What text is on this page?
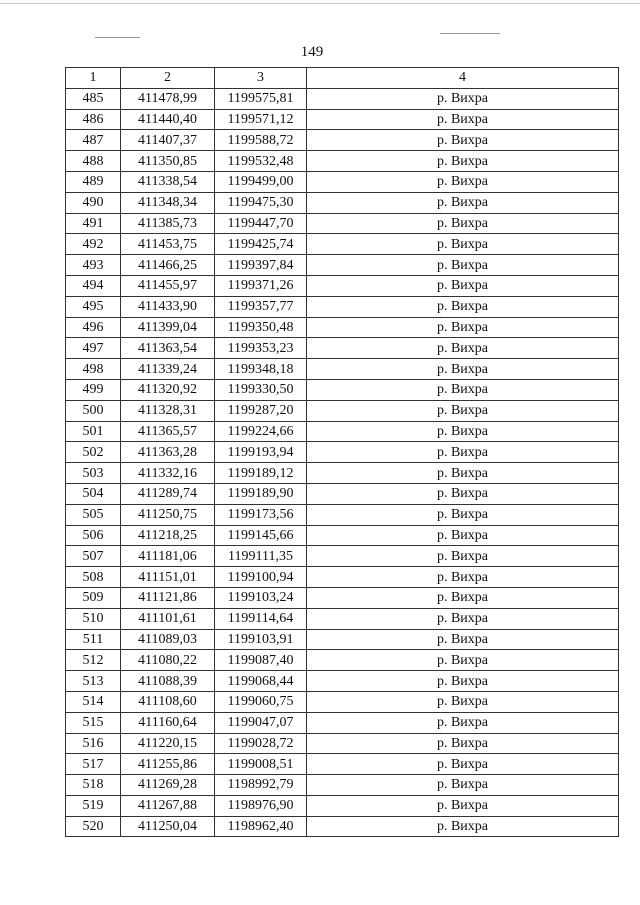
149
1	2	3	4
485	411478,99	1199575,81	р. Вихра
486	411440,40	1199571,12	р. Вихра
487	411407,37	1199588,72	р. Вихра
488	411350,85	1199532,48	р. Вихра
489	411338,54	1199499,00	р. Вихра
490	411348,34	1199475,30	р. Вихра
491	411385,73	1199447,70	р. Вихра
492	411453,75	1199425,74	р. Вихра
493	411466,25	1199397,84	р. Вихра
494	411455,97	1199371,26	р. Вихра
495	411433,90	1199357,77	р. Вихра
496	411399,04	1199350,48	р. Вихра
497	411363,54	1199353,23	р. Вихра
498	411339,24	1199348,18	р. Вихра
499	411320,92	1199330,50	р. Вихра
500	411328,31	1199287,20	р. Вихра
501	411365,57	1199224,66	р. Вихра
502	411363,28	1199193,94	р. Вихра
503	411332,16	1199189,12	р. Вихра
504	411289,74	1199189,90	р. Вихра
505	411250,75	1199173,56	р. Вихра
506	411218,25	1199145,66	р. Вихра
507	411181,06	1199111,35	р. Вихра
508	411151,01	1199100,94	р. Вихра
509	411121,86	1199103,24	р. Вихра
510	411101,61	1199114,64	р. Вихра
511	411089,03	1199103,91	р. Вихра
512	411080,22	1199087,40	р. Вихра
513	411088,39	1199068,44	р. Вихра
514	411108,60	1199060,75	р. Вихра
515	411160,64	1199047,07	р. Вихра
516	411220,15	1199028,72	р. Вихра
517	411255,86	1199008,51	р. Вихра
518	411269,28	1198992,79	р. Вихра
519	411267,88	1198976,90	р. Вихра
520	411250,04	1198962,40	р. Вихра
